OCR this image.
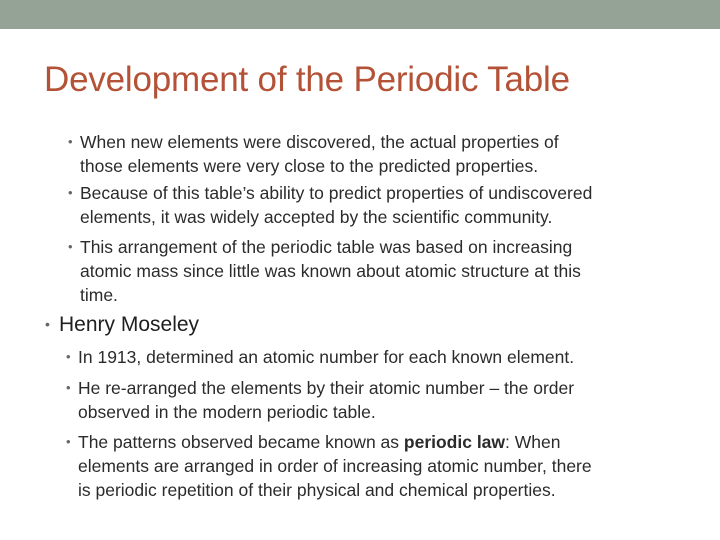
Development of the Periodic Table
• When new elements were discovered, the actual properties of
those elements were very close to the predicted properties.
• Because of this table’s ability to predict properties of undiscovered
elements, it was widely accepted by the scientific community.
• This arrangement of the periodic table was based on increasing
atomic mass since little was known about atomic structure at this
time.
• Henry Moseley
• In 1913, determined an atomic number for each known element.
• He re-arranged the elements by their atomic number – the order
observed in the modern periodic table.
• The patterns observed became known as periodic law: When
elements are arranged in order of increasing atomic number, there
is periodic repetition of their physical and chemical properties.
